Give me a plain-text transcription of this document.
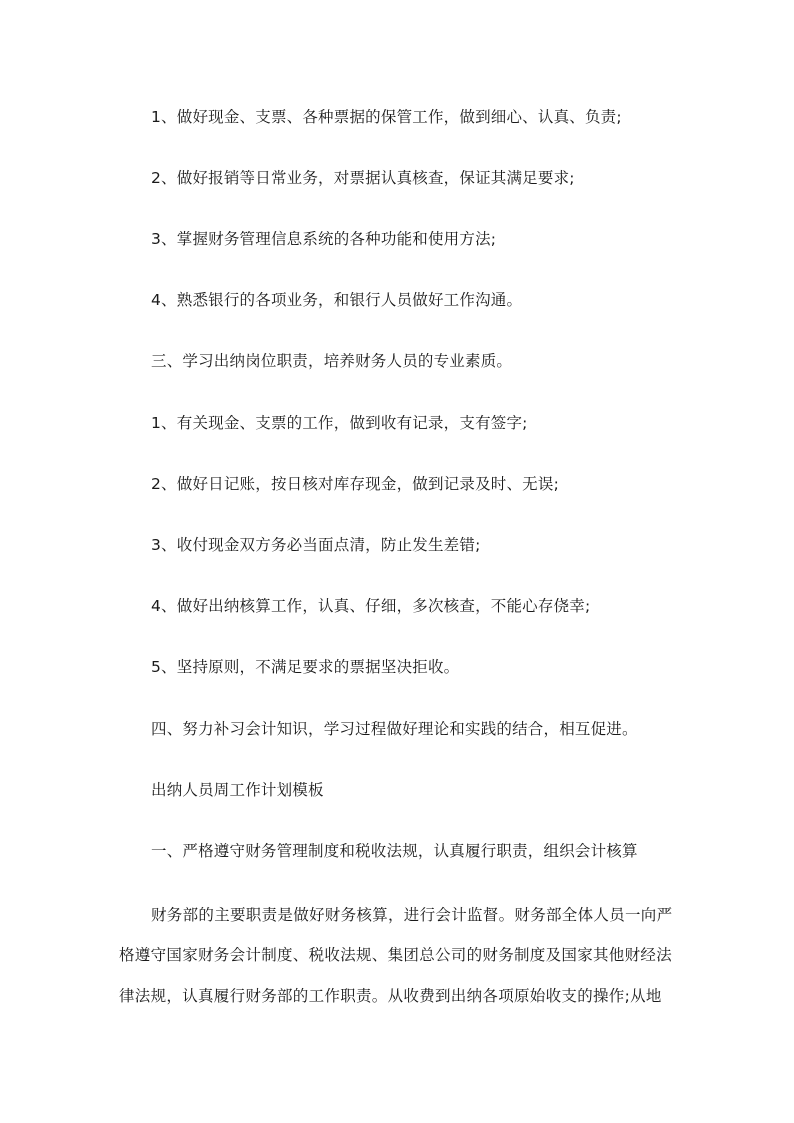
1、做好现金、支票、各种票据的保管工作，做到细心、认真、负责;
2、做好报销等日常业务，对票据认真核查，保证其满足要求;
3、掌握财务管理信息系统的各种功能和使用方法;
4、熟悉银行的各项业务，和银行人员做好工作沟通。
三、学习出纳岗位职责，培养财务人员的专业素质。
1、有关现金、支票的工作，做到收有记录，支有签字;
2、做好日记账，按日核对库存现金，做到记录及时、无误;
3、收付现金双方务必当面点清，防止发生差错;
4、做好出纳核算工作，认真、仔细，多次核查，不能心存侥幸;
5、坚持原则，不满足要求的票据坚决拒收。
四、努力补习会计知识，学习过程做好理论和实践的结合，相互促进。
出纳人员周工作计划模板
一、严格遵守财务管理制度和税收法规，认真履行职责，组织会计核算
财务部的主要职责是做好财务核算，进行会计监督。财务部全体人员一向严
格遵守国家财务会计制度、税收法规、集团总公司的财务制度及国家其他财经法
律法规，认真履行财务部的工作职责。从收费到出纳各项原始收支的操作;从地
